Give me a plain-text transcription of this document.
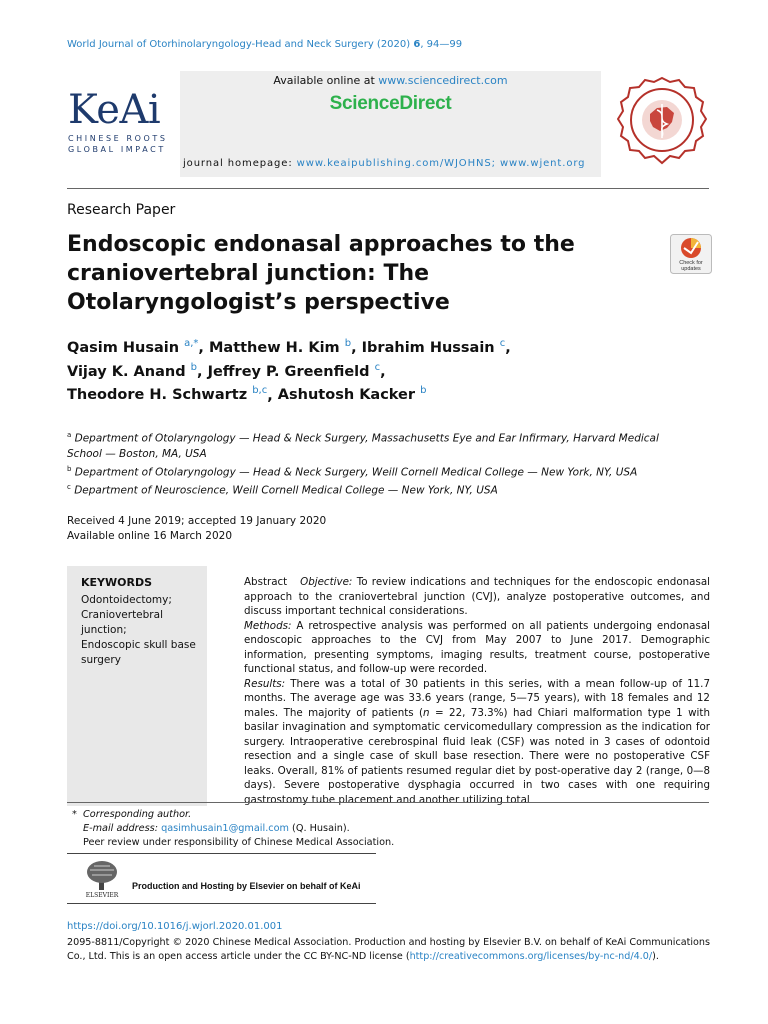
World Journal of Otorhinolaryngology-Head and Neck Surgery (2020) 6, 94—99
KeAi
CHINESE ROOTS
GLOBAL IMPACT
Available online at www.sciencedirect.com
ScienceDirect
journal homepage: www.keaipublishing.com/WJOHNS; www.wjent.org
Research Paper
Endoscopic endonasal approaches to the craniovertebral junction: The Otolaryngologist’s perspective
Check for
updates
Qasim Husain $^{a,*}$, Matthew H. Kim $^b$, Ibrahim Hussain $^c$,
Vijay K. Anand $^b$, Jeffrey P. Greenfield $^c$,
Theodore H. Schwartz $^{b,c}$, Ashutosh Kacker $^b$
$^a$ Department of Otolaryngology — Head & Neck Surgery, Massachusetts Eye and Ear Infirmary, Harvard Medical School — Boston, MA, USA
$^b$ Department of Otolaryngology — Head & Neck Surgery, Weill Cornell Medical College — New York, NY, USA
$^c$ Department of Neuroscience, Weill Cornell Medical College — New York, NY, USA
Received 4 June 2019; accepted 19 January 2020
Available online 16 March 2020
KEYWORDS
Odontoidectomy;
Craniovertebral junction;
Endoscopic skull base surgery
Abstract Objective: To review indications and techniques for the endoscopic endonasal approach to the craniovertebral junction (CVJ), analyze postoperative outcomes, and discuss important technical considerations.
Methods: A retrospective analysis was performed on all patients undergoing endonasal endoscopic approaches to the CVJ from May 2007 to June 2017. Demographic information, presenting symptoms, imaging results, treatment course, postoperative functional status, and follow-up were recorded.
Results: There was a total of 30 patients in this series, with a mean follow-up of 11.7 months. The average age was 33.6 years (range, 5—75 years), with 18 females and 12 males. The majority of patients (n = 22, 73.3%) had Chiari malformation type 1 with basilar invagination and symptomatic cervicomedullary compression as the indication for surgery. Intraoperative cerebrospinal fluid leak (CSF) was noted in 3 cases of odontoid resection and a single case of skull base resection. There were no postoperative CSF leaks. Overall, 81% of patients resumed regular diet by post-operative day 2 (range, 0—8 days). Severe postoperative dysphagia occurred in two cases with one requiring gastrostomy tube placement and another utilizing total
* Corresponding author.
E-mail address: qasimhusain1@gmail.com (Q. Husain).
Peer review under responsibility of Chinese Medical Association.
ELSEVIER
Production and Hosting by Elsevier on behalf of KeAi
https://doi.org/10.1016/j.wjorl.2020.01.001
2095-8811/Copyright © 2020 Chinese Medical Association. Production and hosting by Elsevier B.V. on behalf of KeAi Communications Co., Ltd. This is an open access article under the CC BY-NC-ND license (http://creativecommons.org/licenses/by-nc-nd/4.0/).
